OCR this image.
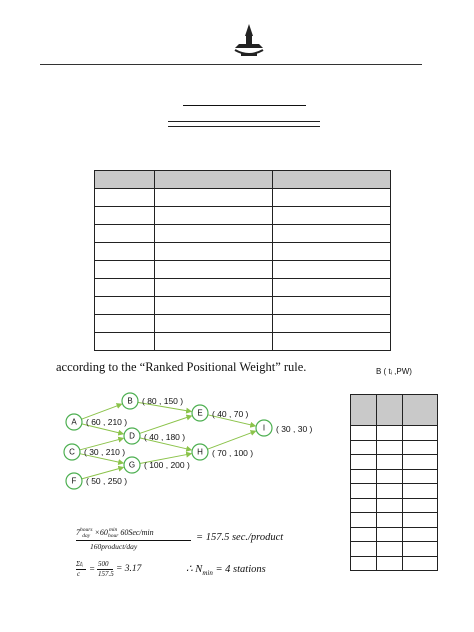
according to the “Ranked Positional Weight” rule.	B ( tᵢ ,PW)

A
B
C
D
E
F
G
H
I
( 60 , 210 )
( 80 , 150 )
( 30 , 210 )
( 40 , 180 )
( 40 , 70 )
( 50 , 250 )
( 100 , 200 )
( 70 , 100 )
( 30 , 30 )
7hours
day ×60min
hour 60Sec/min
160product/day
= 157.5 sec./product
Σtᵢ
c = 500
157.5 = 3.17	∴ $N_{min} = 4$ stations
